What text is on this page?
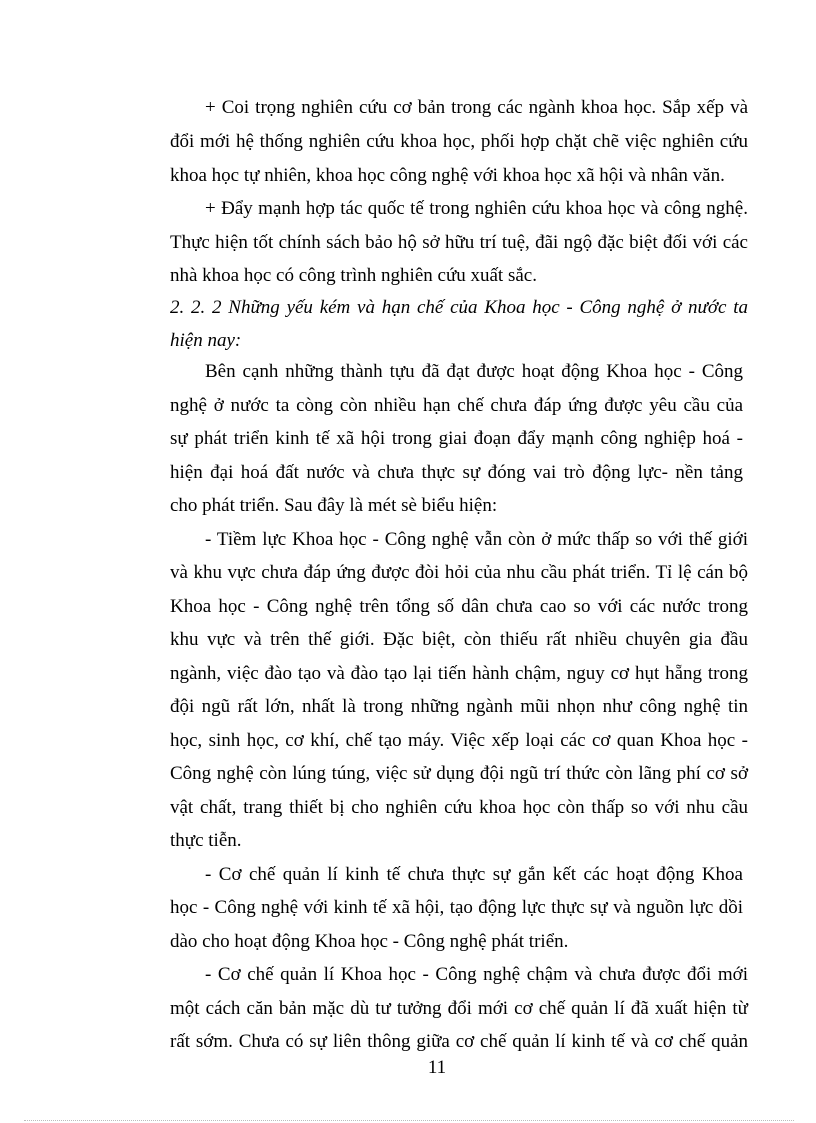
+ Coi trọng nghiên cứu cơ bản trong các ngành khoa học. Sắp xếp và
đổi mới hệ thống nghiên cứu khoa học, phối hợp chặt chẽ việc nghiên cứu
khoa học tự nhiên, khoa học công nghệ với khoa học xã hội và nhân văn.
+ Đẩy mạnh hợp tác quốc tế trong nghiên cứu khoa học và công nghệ.
Thực hiện tốt chính sách bảo hộ sở hữu trí tuệ, đãi ngộ đặc biệt đối với các
nhà khoa học có công trình nghiên cứu xuất sắc.
2. 2. 2 Những yếu kém và hạn chế của Khoa học - Công nghệ ở nước ta
hiện nay:
Bên cạnh những thành tựu đã đạt được hoạt động Khoa học - Công
nghệ ở nước ta còng còn nhiều hạn chế chưa đáp ứng được yêu cầu của
sự phát triển kinh tế xã hội trong giai đoạn đẩy mạnh công nghiệp hoá -
hiện đại hoá đất nước và chưa thực sự đóng vai trò động lực- nền tảng
cho phát triển. Sau đây là mét sè biểu hiện:
- Tiềm lực Khoa học - Công nghệ vẫn còn ở mức thấp so với thế giới
và khu vực chưa đáp ứng được đòi hỏi của nhu cầu phát triển. Tỉ lệ cán bộ
Khoa học - Công nghệ trên tổng số dân chưa cao so với các nước trong
khu vực và trên thế giới. Đặc biệt, còn thiếu rất nhiều chuyên gia đầu
ngành, việc đào tạo và đào tạo lại tiến hành chậm, nguy cơ hụt hẵng trong
đội ngũ rất lớn, nhất là trong những ngành mũi nhọn như công nghệ tin
học, sinh học, cơ khí, chế tạo máy. Việc xếp loại các cơ quan Khoa học -
Công nghệ còn lúng túng, việc sử dụng đội ngũ trí thức còn lãng phí cơ sở
vật chất, trang thiết bị cho nghiên cứu khoa học còn thấp so với nhu cầu
thực tiễn.
- Cơ chế quản lí kinh tế chưa thực sự gắn kết các hoạt động Khoa
học - Công nghệ với kinh tế xã hội, tạo động lực thực sự và nguồn lực dồi
dào cho hoạt động Khoa học - Công nghệ phát triển.
- Cơ chế quản lí Khoa học - Công nghệ chậm và chưa được đổi mới
một cách căn bản mặc dù tư tưởng đổi mới cơ chế quản lí đã xuất hiện từ
rất sớm. Chưa có sự liên thông giữa cơ chế quản lí kinh tế và cơ chế quản
11
